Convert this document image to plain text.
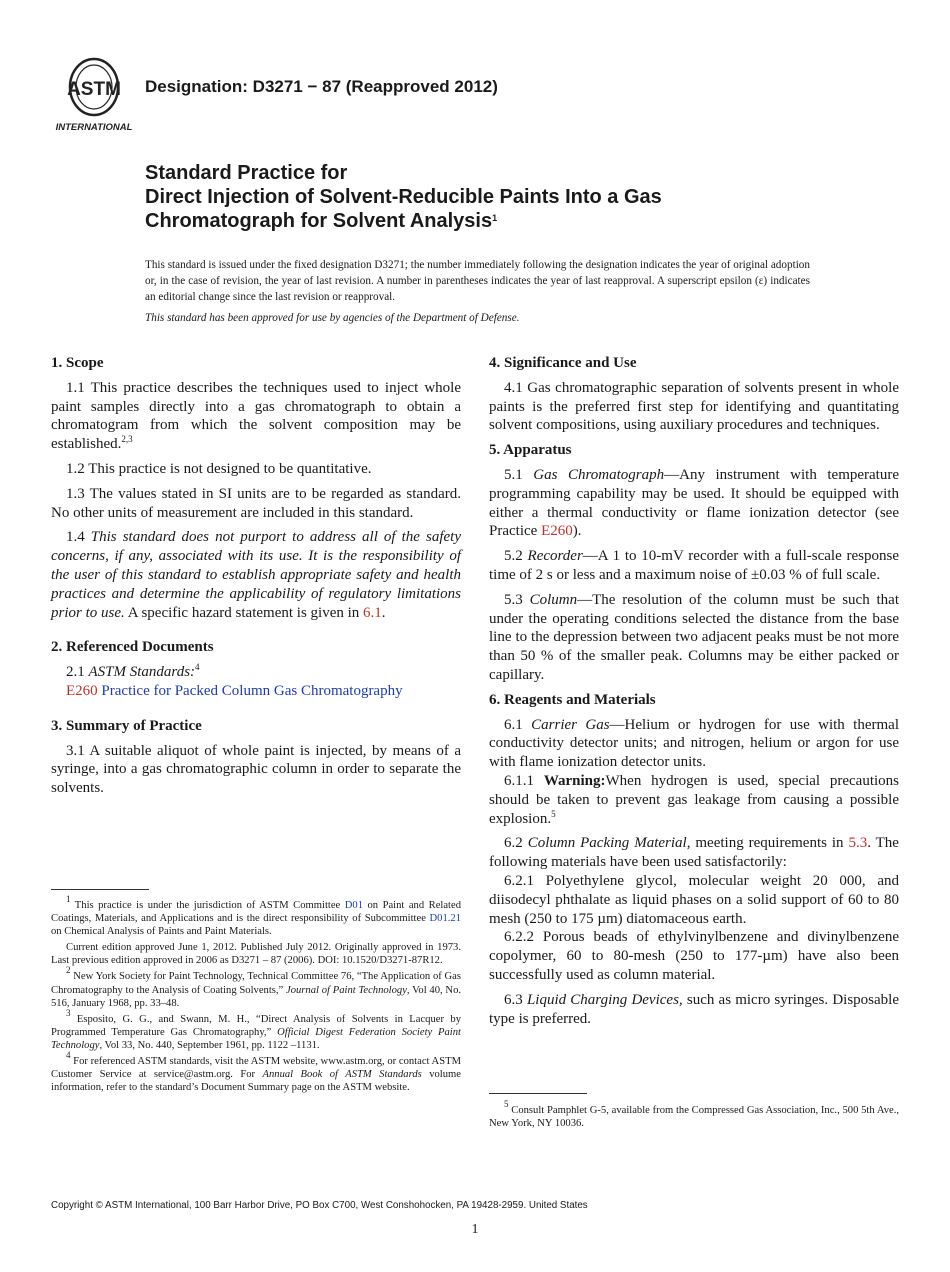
ASTM
INTERNATIONAL
Designation: D3271 − 87 (Reapproved 2012)
Standard Practice for
Direct Injection of Solvent-Reducible Paints Into a Gas
Chromatograph for Solvent Analysis$^1$
This standard is issued under the fixed designation D3271; the number immediately following the designation indicates the year of original adoption or, in the case of revision, the year of last revision. A number in parentheses indicates the year of last reapproval. A superscript epsilon (ε) indicates an editorial change since the last revision or reapproval.
This standard has been approved for use by agencies of the Department of Defense.
1. Scope

1.1 This practice describes the techniques used to inject whole paint samples directly into a gas chromatograph to obtain a chromatogram from which the solvent composition may be established.$^{2,3}$

1.2 This practice is not designed to be quantitative.

1.3 The values stated in SI units are to be regarded as standard. No other units of measurement are included in this standard.

1.4 This standard does not purport to address all of the safety concerns, if any, associated with its use. It is the responsibility of the user of this standard to establish appropriate safety and health practices and determine the applicability of regulatory limitations prior to use. A specific hazard statement is given in 6.1.

2. Referenced Documents

2.1 ASTM Standards:$^4$

E260 Practice for Packed Column Gas Chromatography

3. Summary of Practice

3.1 A suitable aliquot of whole paint is injected, by means of a syringe, into a gas chromatographic column in order to separate the solvents.

$^1$ This practice is under the jurisdiction of ASTM Committee D01 on Paint and Related Coatings, Materials, and Applications and is the direct responsibility of Subcommittee D01.21 on Chemical Analysis of Paints and Paint Materials.

Current edition approved June 1, 2012. Published July 2012. Originally approved in 1973. Last previous edition approved in 2006 as D3271 – 87 (2006). DOI: 10.1520/D3271-87R12.

$^2$ New York Society for Paint Technology, Technical Committee 76, “The Application of Gas Chromatography to the Analysis of Coating Solvents,” Journal of Paint Technology, Vol 40, No. 516, January 1968, pp. 33–48.

$^3$ Esposito, G. G., and Swann, M. H., “Direct Analysis of Solvents in Lacquer by Programmed Temperature Gas Chromatography,” Official Digest Federation Society Paint Technology, Vol 33, No. 440, September 1961, pp. 1122 –1131.

$^4$ For referenced ASTM standards, visit the ASTM website, www.astm.org, or contact ASTM Customer Service at service@astm.org. For Annual Book of ASTM Standards volume information, refer to the standard’s Document Summary page on the ASTM website.

4. Significance and Use

4.1 Gas chromatographic separation of solvents present in whole paints is the preferred first step for identifying and quantitating solvent compositions, using auxiliary procedures and techniques.

5. Apparatus

5.1 Gas Chromatograph—Any instrument with temperature programming capability may be used. It should be equipped with either a thermal conductivity or flame ionization detector (see Practice E260).

5.2 Recorder—A 1 to 10-mV recorder with a full-scale response time of 2 s or less and a maximum noise of ±0.03 % of full scale.

5.3 Column—The resolution of the column must be such that under the operating conditions selected the distance from the base line to the depression between two adjacent peaks must be not more than 50 % of the smaller peak. Columns may be either packed or capillary.

6. Reagents and Materials

6.1 Carrier Gas—Helium or hydrogen for use with thermal conductivity detector units; and nitrogen, helium or argon for use with flame ionization detector units.

6.1.1 Warning:When hydrogen is used, special precautions should be taken to prevent gas leakage from causing a possible explosion.$^5$

6.2 Column Packing Material, meeting requirements in 5.3. The following materials have been used satisfactorily:

6.2.1 Polyethylene glycol, molecular weight 20 000, and diisodecyl phthalate as liquid phases on a solid support of 60 to 80 mesh (250 to 175 µm) diatomaceous earth.

6.2.2 Porous beads of ethylvinylbenzene and divinylbenzene copolymer, 60 to 80-mesh (250 to 177-µm) have also been successfully used as column material.

6.3 Liquid Charging Devices, such as micro syringes. Disposable type is preferred.

$^5$ Consult Pamphlet G-5, available from the Compressed Gas Association, Inc., 500 5th Ave., New York, NY 10036.

Copyright © ASTM International, 100 Barr Harbor Drive, PO Box C700, West Conshohocken, PA 19428-2959. United States
1
